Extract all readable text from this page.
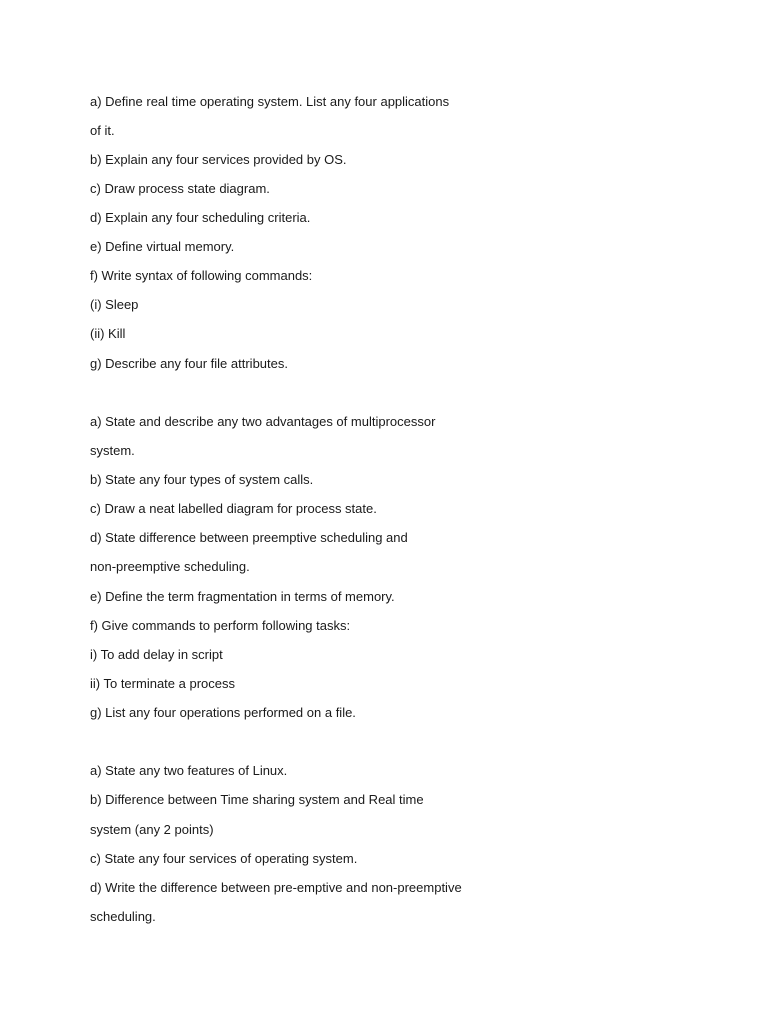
a) Define real time operating system. List any four applications

of it.

b) Explain any four services provided by OS.

c) Draw process state diagram.

d) Explain any four scheduling criteria.

e) Define virtual memory.

f) Write syntax of following commands:

(i) Sleep

(ii) Kill

g) Describe any four file attributes.

a) State and describe any two advantages of multiprocessor

system.

b) State any four types of system calls.

c) Draw a neat labelled diagram for process state.

d) State difference between preemptive scheduling and

non-preemptive scheduling.

e) Define the term fragmentation in terms of memory.

f) Give commands to perform following tasks:

i) To add delay in script

ii) To terminate a process

g) List any four operations performed on a file.

a) State any two features of Linux.

b) Difference between Time sharing system and Real time

system (any 2 points)

c) State any four services of operating system.

d) Write the difference between pre-emptive and non-preemptive

scheduling.
